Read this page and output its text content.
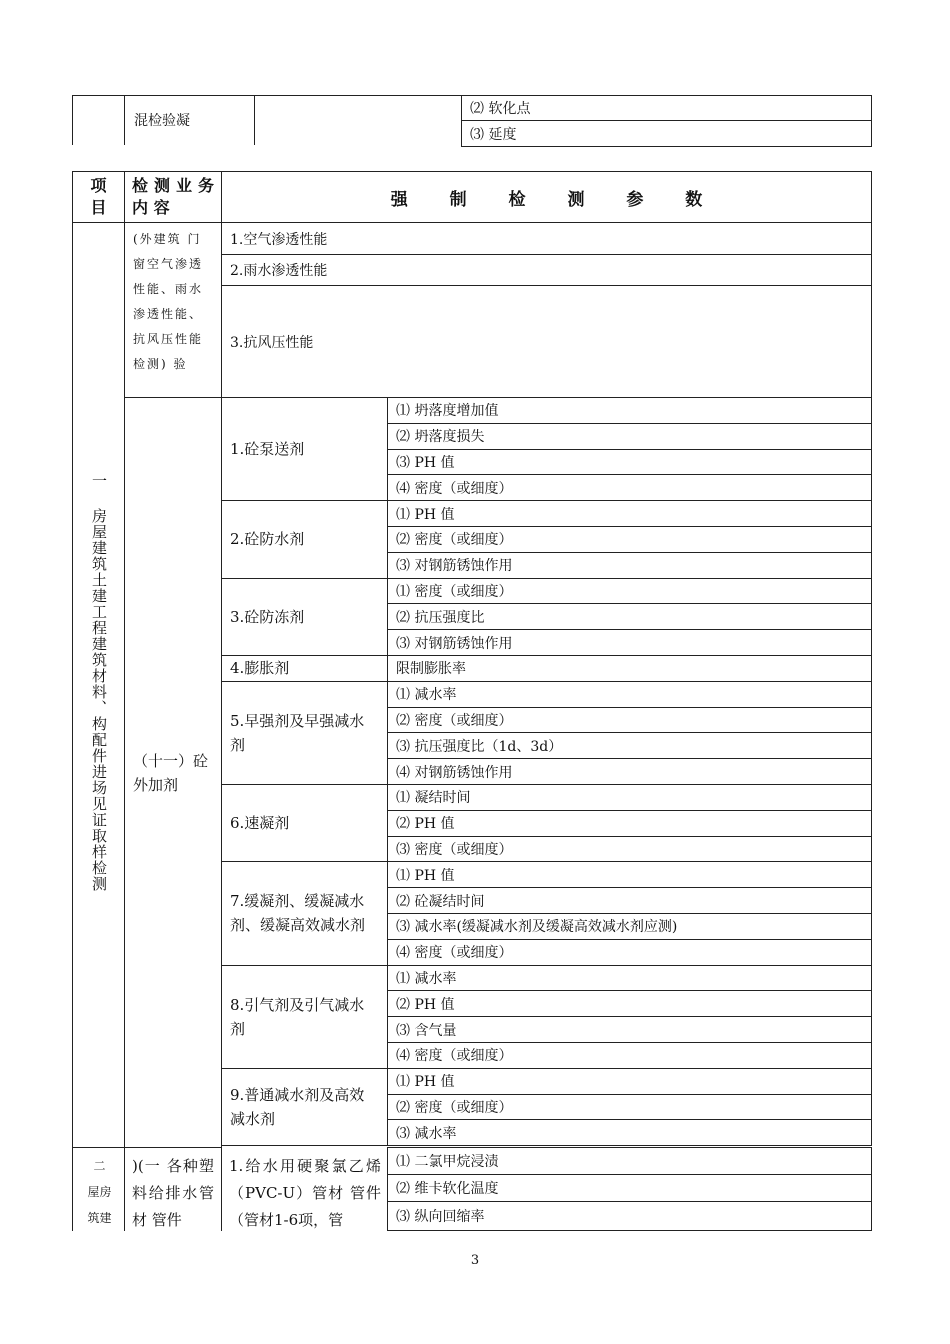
混检验凝
⑵ 软化点
⑶ 延度
项 目
检测业务 内 容	强 制 检 测 参 数
一 房屋建筑土建工程建筑材料、构配件进场见证取样检测
(外建筑 门窗空气渗透性能、雨水渗透性能、抗风压性能检测) 验
1.空气渗透性能
2.雨水渗透性能
3.抗风压性能
（十一）砼外加剂
1.砼泵送剂
⑴ 坍落度增加值
⑵ 坍落度损失
⑶ PH 值
⑷ 密度（或细度）
2.砼防水剂
⑴ PH 值
⑵ 密度（或细度）
⑶ 对钢筋锈蚀作用
3.砼防冻剂
⑴ 密度（或细度）
⑵ 抗压强度比
⑶ 对钢筋锈蚀作用
4.膨胀剂	限制膨胀率
5.早强剂及早强减水剂
⑴ 减水率
⑵ 密度（或细度）
⑶ 抗压强度比（1d、3d）
⑷ 对钢筋锈蚀作用
6.速凝剂
⑴ 凝结时间
⑵ PH 值
⑶ 密度（或细度）
7.缓凝剂、缓凝减水剂、缓凝高效减水剂
⑴ PH 值
⑵ 砼凝结时间
⑶ 减水率(缓凝减水剂及缓凝高效减水剂应测)
⑷ 密度（或细度）
8.引气剂及引气减水剂
⑴ 减水率
⑵ PH 值
⑶ 含气量
⑷ 密度（或细度）
9.普通减水剂及高效减水剂
⑴ PH 值
⑵ 密度（或细度）
⑶ 减水率
二
屋房
筑建
)(一 各种塑料给排水管材 管件
1.给水用硬聚氯乙烯（PVC-U）管材 管件（管材1-6项，管
⑴ 二氯甲烷浸渍
⑵ 维卡软化温度
⑶ 纵向回缩率
3
